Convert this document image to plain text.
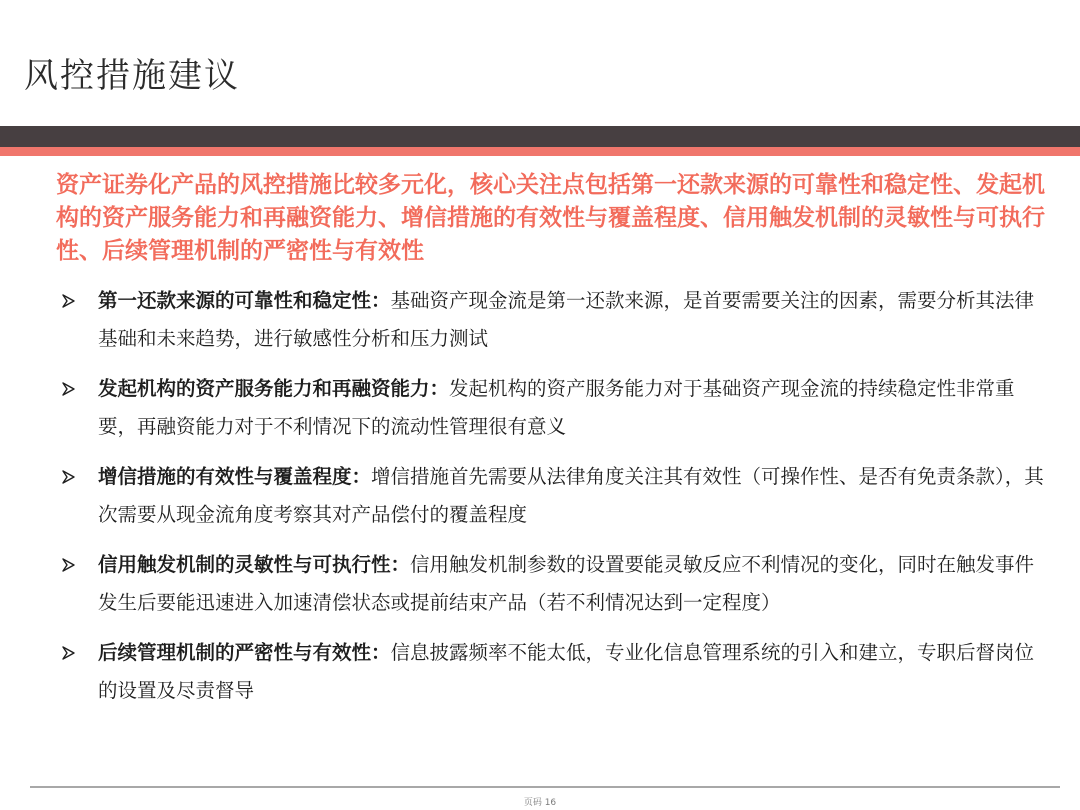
风控措施建议
资产证券化产品的风控措施比较多元化，核心关注点包括第一还款来源的可靠性和稳定性、发起机构的资产服务能力和再融资能力、增信措施的有效性与覆盖程度、信用触发机制的灵敏性与可执行性、后续管理机制的严密性与有效性
第一还款来源的可靠性和稳定性：基础资产现金流是第一还款来源，是首要需要关注的因素，需要分析其法律基础和未来趋势，进行敏感性分析和压力测试
发起机构的资产服务能力和再融资能力：发起机构的资产服务能力对于基础资产现金流的持续稳定性非常重要，再融资能力对于不利情况下的流动性管理很有意义
增信措施的有效性与覆盖程度：增信措施首先需要从法律角度关注其有效性（可操作性、是否有免责条款），其次需要从现金流角度考察其对产品偿付的覆盖程度
信用触发机制的灵敏性与可执行性：信用触发机制参数的设置要能灵敏反应不利情况的变化，同时在触发事件发生后要能迅速进入加速清偿状态或提前结束产品（若不利情况达到一定程度）
后续管理机制的严密性与有效性：信息披露频率不能太低，专业化信息管理系统的引入和建立，专职后督岗位的设置及尽责督导
页码 16
